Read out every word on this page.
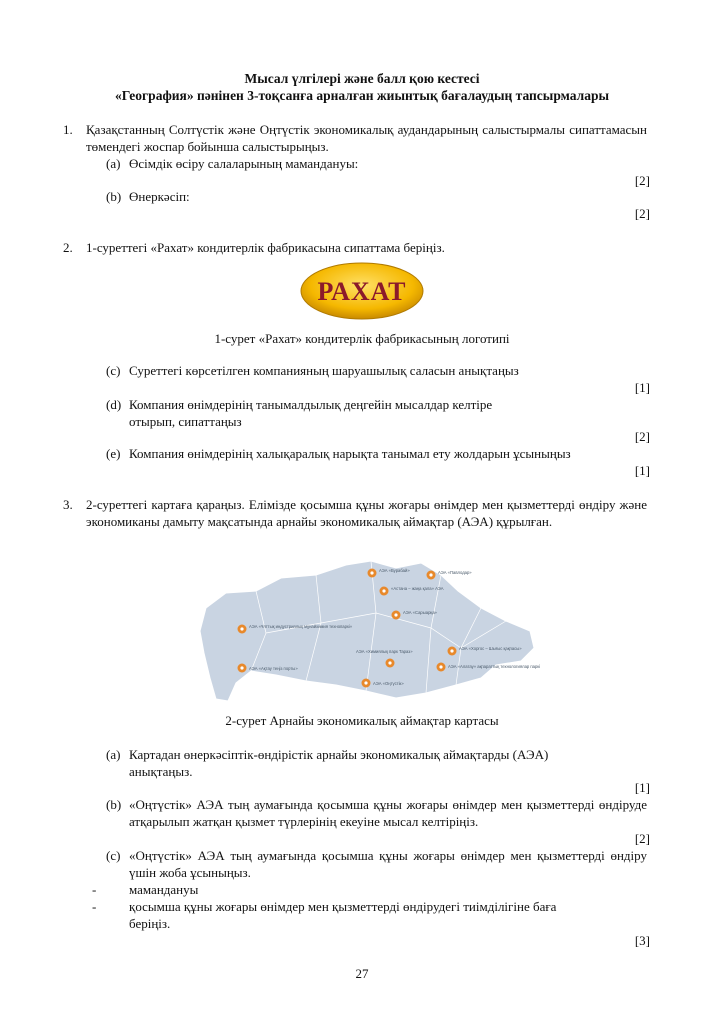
Мысал үлгілері және балл қою кестесі
«География» пәнінен 3-тоқсанға арналған жиынтық бағалаудың тапсырмалары
1. Қазақстанның Солтүстік және Оңтүстік экономикалық аудандарының салыстырмалы сипаттамасын төмендегі жоспар бойынша салыстырыңыз.
(a) Өсімдік өсіру салаларының мамандануы:
[2]
(b) Өнеркәсіп:
[2]
2. 1-суреттегі «Рахат» кондитерлік фабрикасына сипаттама беріңіз.
РАХАТ
1-сурет «Рахат» кондитерлік фабрикасының логотипі
(c) Суреттегі көрсетілген компанияның шаруашылық саласын анықтаңыз
[1]
(d) Компания өнімдерінің танымалдылық деңгейін мысалдар келтіре отырып, сипаттаңыз
[2]
(e) Компания өнімдерінің халықаралық нарықта танымал ету жолдарын ұсыныңыз
[1]
3. 2-суреттегі картаға қараңыз. Елімізде қосымша құны жоғары өнімдер мен қызметтерді өндіру және экономиканы дамыту мақсатында арнайы экономикалық аймақтар (АЭА) құрылған.
АЭА «Бурабай»	АЭА «Павлодар»
«Астана – жаңа қала» АЭА
АЭА «Сарыарқа»
АЭА «Ұлттық индустриялық мұнайхимия технопаркі»
АЭА «Хоргос – Шығыс қақпасы»
АЭА «Химиялық парк Тараз»
АЭА «Ақтау теңіз порты»	АЭА «Алатау» ақпараттық технологиялар паркі
АЭА «Оңтүстік»
2-сурет Арнайы экономикалық аймақтар картасы
(a) Картадан өнеркәсіптік-өндірістік арнайы экономикалық аймақтарды (АЭА) анықтаңыз.
[1]
(b) «Оңтүстік» АЭА тың аумағында қосымша құны жоғары өнімдер мен қызметтерді өндіруде атқарылып жатқан қызмет түрлерінің екеуіне мысал келтіріңіз.
[2]
(c) «Оңтүстік» АЭА тың аумағында қосымша құны жоғары өнімдер мен қызметтерді өндіру үшін жоба ұсыныңыз.
-	мамандануы
-	қосымша құны жоғары өнімдер мен қызметтерді өндірудегі тиімділігіне баға беріңіз.
[3]
27
